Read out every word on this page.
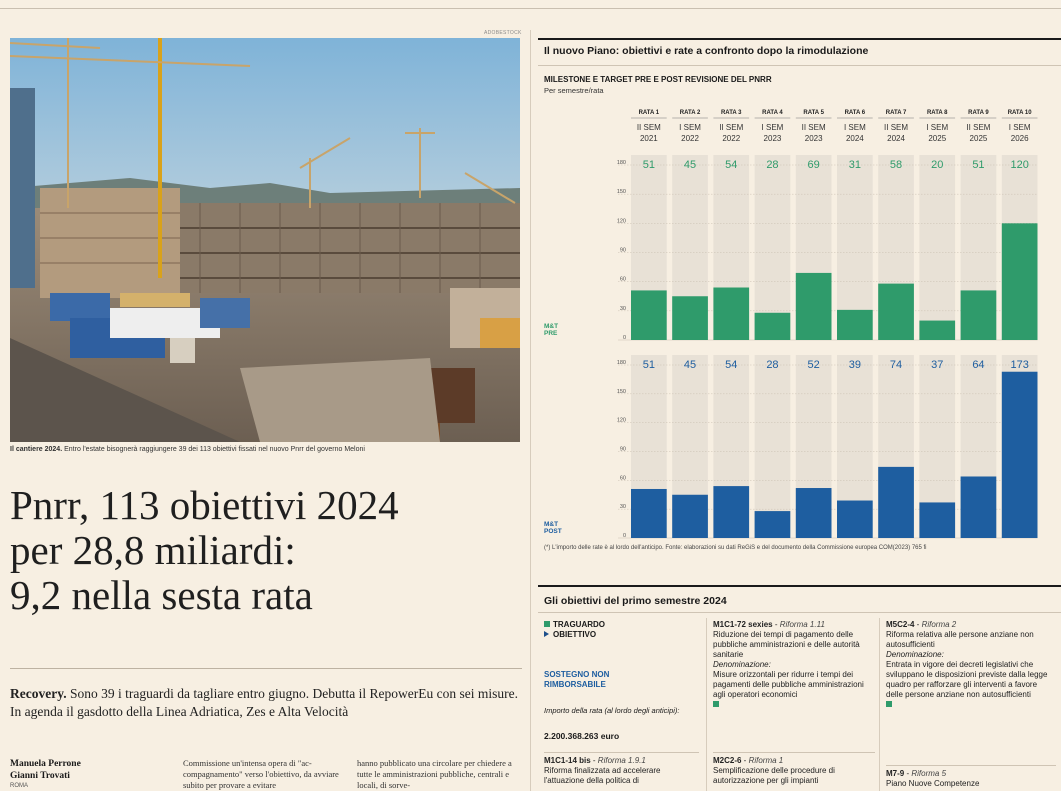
ADOBESTOCK
Il cantiere 2024. Entro l'estate bisognerà raggiungere 39 dei 113 obiettivi fissati nel nuovo Pnrr del governo Meloni
Pnrr, 113 obiettivi 2024
per 28,8 miliardi:
9,2 nella sesta rata
Recovery. Sono 39 i traguardi da tagliare entro giugno. Debutta il RepowerEu con sei misure. In agenda il gasdotto della Linea Adriatica, Zes e Alta Velocità
Manuela Perrone
Gianni Trovati
ROMA
Commissione un'intensa opera di "ac-compagnamento" verso l'obiettivo, da avviare subito per provare a evitare
hanno pubblicato una circolare per chiedere a tutte le amministrazioni pubbliche, centrali e locali, di sorve-
Il nuovo Piano: obiettivi e rate a confronto dopo la rimodulazione
MILESTONE E TARGET PRE E POST REVISIONE DEL PNRR
Per semestre/rata
RATA 1
II SEM
2021
RATA 2
I SEM
2022
RATA 3
II SEM
2022
RATA 4
I SEM
2023
RATA 5
II SEM
2023
RATA 6
I SEM
2024
RATA 7
II SEM
2024
RATA 8
I SEM
2025
RATA 9
II SEM
2025
RATA 10
I SEM
2026
0
30
60
90
120
150
180 51	45	54	28	69	31	58	20	51 120
M&T
PRE
0
30
60
90
120
150
180 51	45	54	28	52	39	74	37	64 173
M&T
POST
(*) L'importo delle rate è al lordo dell'anticipo. Fonte: elaborazioni su dati ReGiS e del documento della Commissione europea COM(2023) 765 fi
Gli obiettivi del primo semestre 2024
TRAGUARDO
OBIETTIVO
SOSTEGNO NON
RIMBORSABILE
Importo della rata (al lordo degli anticipi):
2.200.368.263 euro
M1C1-14 bis - Riforma 1.9.1
Riforma finalizzata ad accelerare l'attuazione della politica di
M1C1-72 sexies - Riforma 1.11
Riduzione dei tempi di pagamento delle pubbliche amministrazioni e delle autorità sanitarie
Denominazione:
Misure orizzontali per ridurre i tempi dei pagamenti delle pubbliche amministrazioni agli operatori economici

M2C2-6 - Riforma 1
Semplificazione delle procedure di autorizzazione per gli impianti
M5C2-4 - Riforma 2
Riforma relativa alle persone anziane non autosufficienti
Denominazione:
Entrata in vigore dei decreti legislativi che sviluppano le disposizioni previste dalla legge quadro per rafforzare gli interventi a favore delle persone anziane non autosufficienti

M7-9 - Riforma 5
Piano Nuove Competenze
